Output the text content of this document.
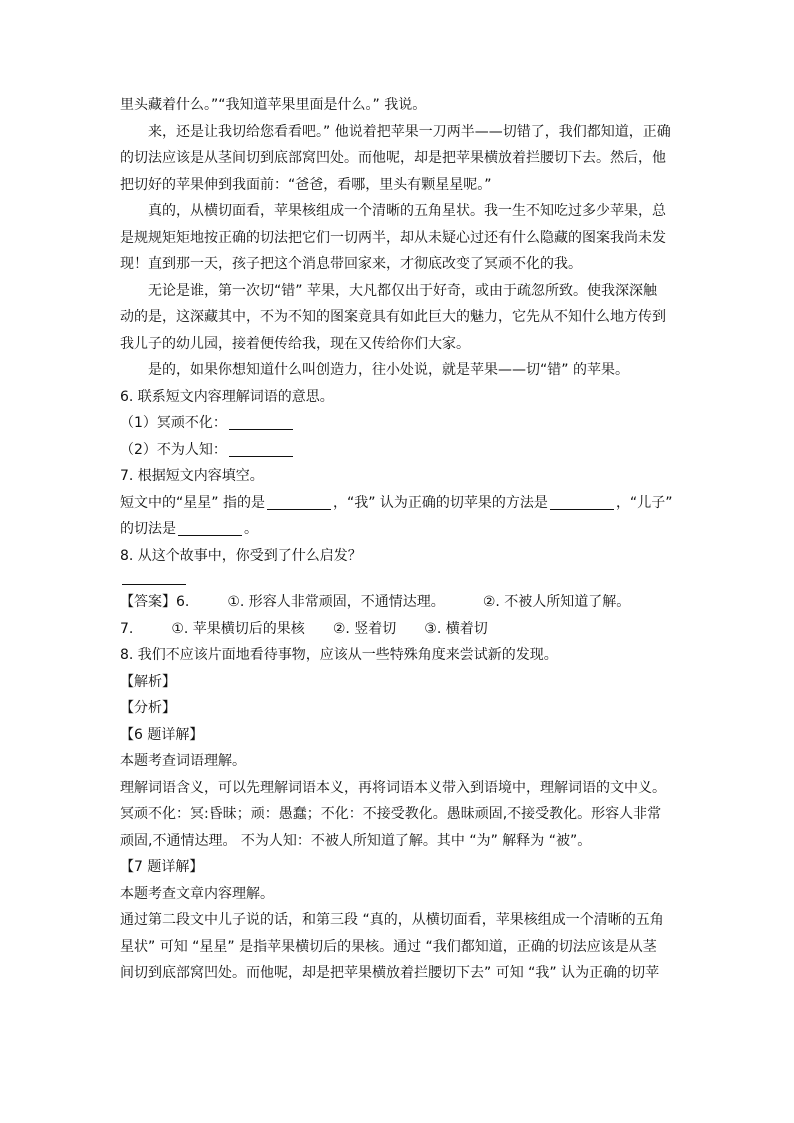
里头藏着什么。”“我知道苹果里面是什么。” 我说。
来，还是让我切给您看看吧。” 他说着把苹果一刀两半——切错了，我们都知道，正确
的切法应该是从茎间切到底部窝凹处。而他呢，却是把苹果横放着拦腰切下去。然后，他
把切好的苹果伸到我面前：“爸爸，看哪，里头有颗星星呢。”
真的，从横切面看，苹果核组成一个清晰的五角星状。我一生不知吃过多少苹果，总
是规规矩矩地按正确的切法把它们一切两半，却从未疑心过还有什么隐藏的图案我尚未发
现！直到那一天，孩子把这个消息带回家来，才彻底改变了冥顽不化的我。
无论是谁，第一次切“错” 苹果，大凡都仅出于好奇，或由于疏忽所致。使我深深触
动的是，这深藏其中，不为不知的图案竟具有如此巨大的魅力，它先从不知什么地方传到
我儿子的幼儿园，接着便传给我，现在又传给你们大家。
是的，如果你想知道什么叫创造力，往小处说，就是苹果——切“错” 的苹果。
6. 联系短文内容理解词语的意思。
（1）冥顽不化：
（2）不为人知：
7. 根据短文内容填空。
短文中的“星星” 指的是	，“我” 认为正确的切苹果的方法是	，“儿子”
的切法是	。
8. 从这个故事中，你受到了什么启发？
【答案】6.	①. 形容人非常顽固，不通情达理。	②. 不被人所知道了解。
7.	①. 苹果横切后的果核 ②. 竖着切 ③. 横着切
8. 我们不应该片面地看待事物，应该从一些特殊角度来尝试新的发现。
【解析】
【分析】
【6 题详解】
本题考查词语理解。
理解词语含义，可以先理解词语本义，再将词语本义带入到语境中，理解词语的文中义。
冥顽不化：冥:昏昧；顽：愚蠢；不化：不接受教化。愚昧顽固,不接受教化。形容人非常
顽固,不通情达理。 不为人知：不被人所知道了解。其中 “为” 解释为 “被”。
【7 题详解】
本题考查文章内容理解。
通过第二段文中儿子说的话，和第三段 “真的，从横切面看，苹果核组成一个清晰的五角
星状” 可知 “星星” 是指苹果横切后的果核。通过 “我们都知道，正确的切法应该是从茎
间切到底部窝凹处。而他呢，却是把苹果横放着拦腰切下去” 可知 “我” 认为正确的切苹
